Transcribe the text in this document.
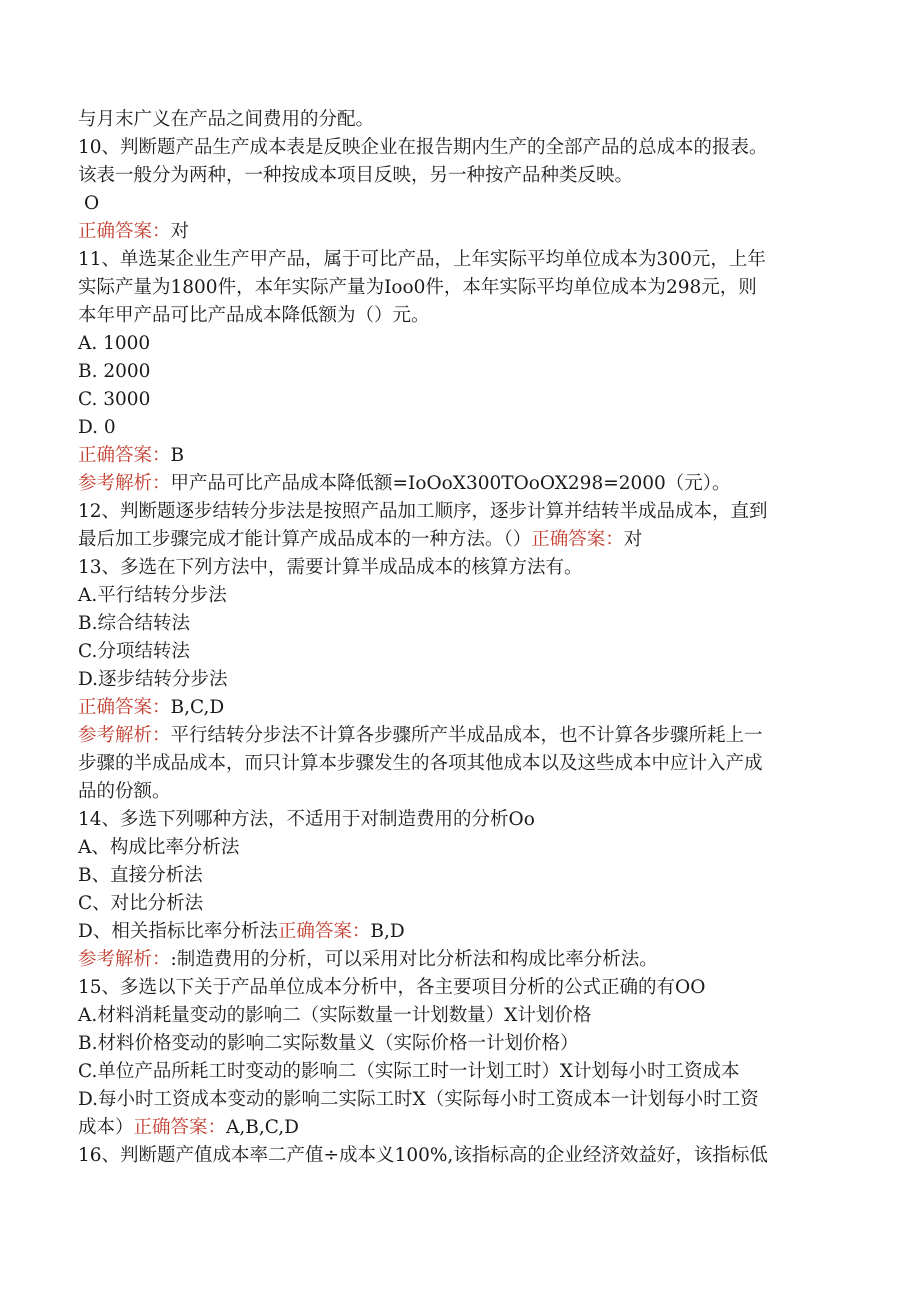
与月末广义在产品之间费用的分配。
10、判断题产品生产成本表是反映企业在报告期内生产的全部产品的总成本的报表。
该表一般分为两种，一种按成本项目反映，另一种按产品种类反映。
O
正确答案：对
11、单选某企业生产甲产品，属于可比产品，上年实际平均单位成本为300元，上年
实际产量为1800件，本年实际产量为Ioo0件，本年实际平均单位成本为298元，则
本年甲产品可比产品成本降低额为（）元。
A. 1000
B. 2000
C. 3000
D. 0
正确答案：B
参考解析：甲产品可比产品成本降低额=IoOoX300TOoOX298=2000（元）。
12、判断题逐步结转分步法是按照产品加工顺序，逐步计算并结转半成品成本，直到
最后加工步骤完成才能计算产成品成本的一种方法。（）正确答案：对
13、多选在下列方法中，需要计算半成品成本的核算方法有。
A.平行结转分步法
B.综合结转法
C.分项结转法
D.逐步结转分步法
正确答案：B,C,D
参考解析：平行结转分步法不计算各步骤所产半成品成本，也不计算各步骤所耗上一
步骤的半成品成本，而只计算本步骤发生的各项其他成本以及这些成本中应计入产成
品的份额。
14、多选下列哪种方法，不适用于对制造费用的分析Oo
A、构成比率分析法
B、直接分析法
C、对比分析法
D、相关指标比率分析法正确答案：B,D
参考解析：:制造费用的分析，可以采用对比分析法和构成比率分析法。
15、多选以下关于产品单位成本分析中，各主要项目分析的公式正确的有OO
A.材料消耗量变动的影响二（实际数量一计划数量）X计划价格
B.材料价格变动的影响二实际数量义（实际价格一计划价格）
C.单位产品所耗工时变动的影响二（实际工时一计划工时）X计划每小时工资成本
D.每小时工资成本变动的影响二实际工时X（实际每小时工资成本一计划每小时工资
成本）正确答案：A,B,C,D
16、判断题产值成本率二产值÷成本义100%,该指标高的企业经济效益好，该指标低
